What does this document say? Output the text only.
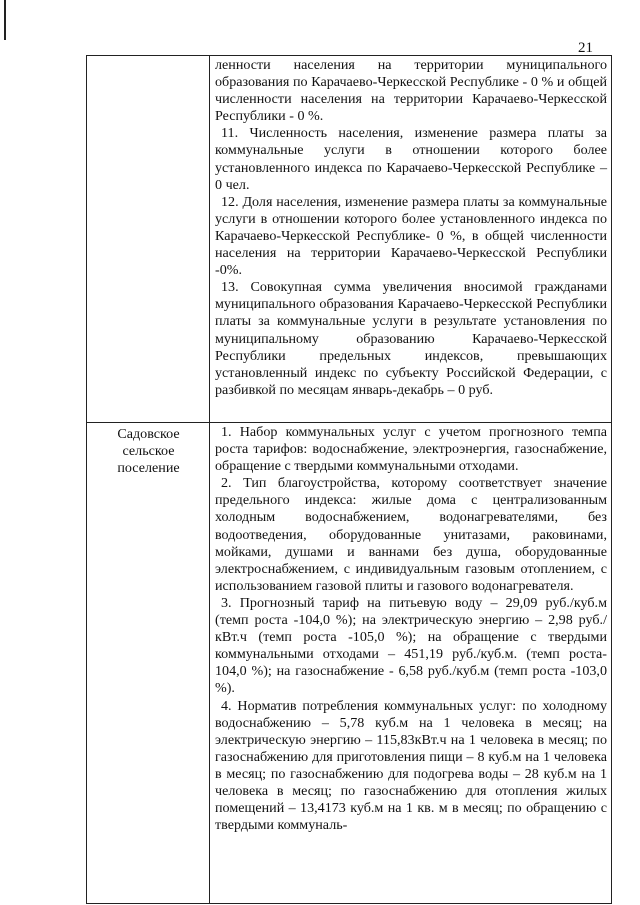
21

	ленности населения на территории муниципального образования по Карачаево-Черкесской Республике - 0 % и общей численности населения на территории Карачаево-Черкесской Республики - 0 %.

11. Численность населения, изменение размера платы за коммунальные услуги в отношении которого более установленного индекса по Карачаево-Черкесской Республике – 0 чел.

12. Доля населения, изменение размера платы за коммунальные услуги в отношении которого более установленного индекса по Карачаево-Черкесской Республике- 0 %, в общей численности населения на территории Карачаево-Черкесской Республики -0%.

13. Совокупная сумма увеличения вносимой гражданами муниципального образования Карачаево-Черкесской Республики платы за коммунальные услуги в результате установления по муниципальному образованию Карачаево-Черкесской Республики предельных индексов, превышающих установленный индекс по субъекту Российской Федерации, с разбивкой по месяцам январь-декабрь – 0 руб.

Садовское сельское поселение	1. Набор коммунальных услуг с учетом прогнозного темпа роста тарифов: водоснабжение, электроэнергия, газоснабжение, обращение с твердыми коммунальными отходами.

2. Тип благоустройства, которому соответствует значение предельного индекса: жилые дома с централизованным холодным водоснабжением, водонагревателями, без водоотведения, оборудованные унитазами, раковинами, мойками, душами и ваннами без душа, оборудованные электроснабжением, с индивидуальным газовым отоплением, с использованием газовой плиты и газового водонагревателя.

3. Прогнозный тариф на питьевую воду – 29,09 руб./куб.м (темп роста -104,0 %); на электрическую энергию – 2,98 руб./кВт.ч (темп роста -105,0 %); на обращение с твердыми коммунальными отходами – 451,19 руб./куб.м. (темп роста- 104,0 %); на газоснабжение - 6,58 руб./куб.м (темп роста -103,0 %).

4. Норматив потребления коммунальных услуг: по холодному водоснабжению – 5,78 куб.м на 1 человека в месяц; на электрическую энергию – 115,83кВт.ч на 1 человека в месяц; по газоснабжению для приготовления пищи – 8 куб.м на 1 человека в месяц; по газоснабжению для подогрева воды – 28 куб.м на 1 человека в месяц; по газоснабжению для отопления жилых помещений – 13,4173 куб.м на 1 кв. м в месяц; по обращению с твердыми коммуналь-
